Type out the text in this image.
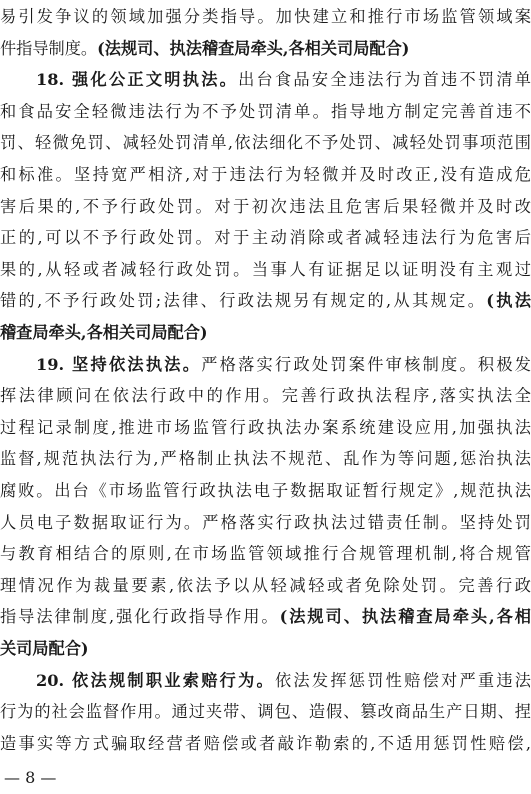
易引发争议的领域加强分类指导。加快建立和推行市场监管领域案
件指导制度。(法规司、执法稽查局牵头,各相关司局配合)
18. 强化公正文明执法。出台食品安全违法行为首违不罚清单
和食品安全轻微违法行为不予处罚清单。指导地方制定完善首违不
罚、轻微免罚、减轻处罚清单,依法细化不予处罚、减轻处罚事项范围
和标准。坚持宽严相济,对于违法行为轻微并及时改正,没有造成危
害后果的,不予行政处罚。对于初次违法且危害后果轻微并及时改
正的,可以不予行政处罚。对于主动消除或者减轻违法行为危害后
果的,从轻或者减轻行政处罚。当事人有证据足以证明没有主观过
错的,不予行政处罚;法律、行政法规另有规定的,从其规定。(执法
稽查局牵头,各相关司局配合)
19. 坚持依法执法。严格落实行政处罚案件审核制度。积极发
挥法律顾问在依法行政中的作用。完善行政执法程序,落实执法全
过程记录制度,推进市场监管行政执法办案系统建设应用,加强执法
监督,规范执法行为,严格制止执法不规范、乱作为等问题,惩治执法
腐败。出台《市场监管行政执法电子数据取证暂行规定》,规范执法
人员电子数据取证行为。严格落实行政执法过错责任制。坚持处罚
与教育相结合的原则,在市场监管领域推行合规管理机制,将合规管
理情况作为裁量要素,依法予以从轻减轻或者免除处罚。完善行政
指导法律制度,强化行政指导作用。(法规司、执法稽查局牵头,各相
关司局配合)
20. 依法规制职业索赔行为。依法发挥惩罚性赔偿对严重违法
行为的社会监督作用。通过夹带、调包、造假、篡改商品生产日期、捏
造事实等方式骗取经营者赔偿或者敲诈勒索的,不适用惩罚性赔偿,
— 8 —
